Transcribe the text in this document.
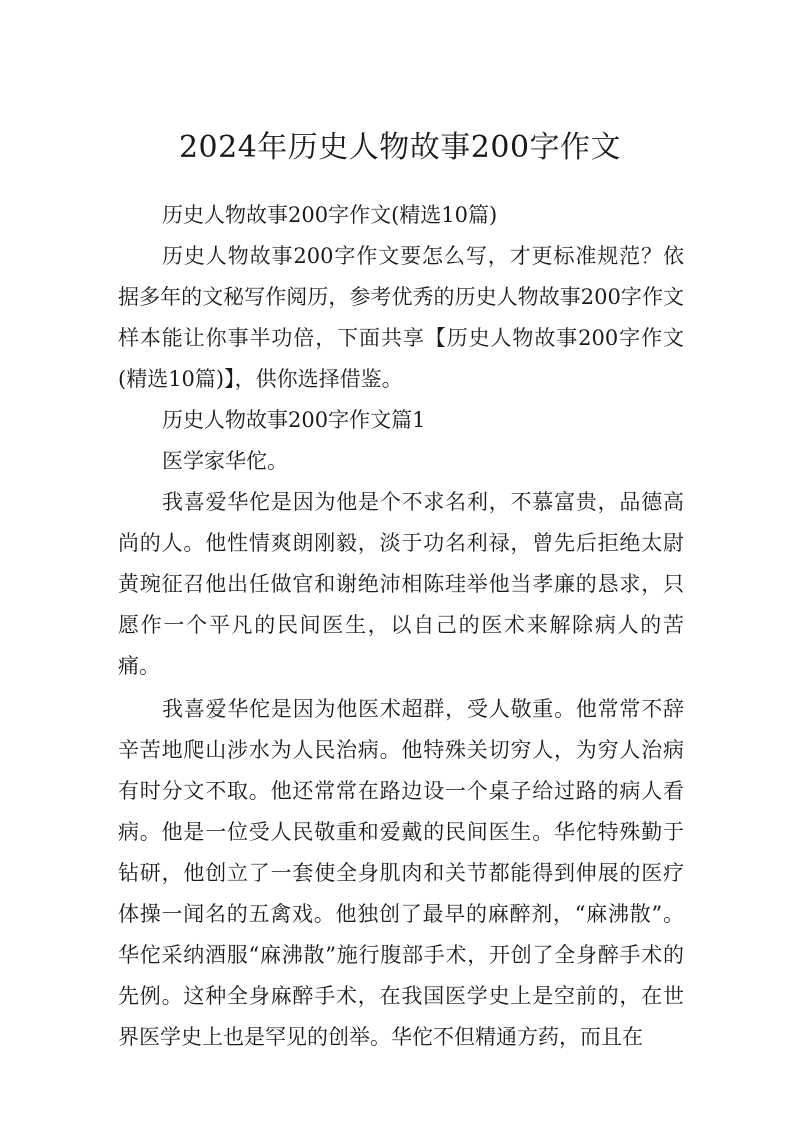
2024年历史人物故事200字作文

历史人物故事200字作文(精选10篇)

历史人物故事200字作文要怎么写，才更标准规范？依据多年的文秘写作阅历，参考优秀的历史人物故事200字作文样本能让你事半功倍，下面共享【历史人物故事200字作文(精选10篇)】，供你选择借鉴。

历史人物故事200字作文篇1

医学家华佗。

我喜爱华佗是因为他是个不求名利，不慕富贵，品德高尚的人。他性情爽朗刚毅，淡于功名利禄，曾先后拒绝太尉黄琬征召他出任做官和谢绝沛相陈珪举他当孝廉的恳求，只愿作一个平凡的民间医生，以自己的医术来解除病人的苦痛。

我喜爱华佗是因为他医术超群，受人敬重。他常常不辞辛苦地爬山涉水为人民治病。他特殊关切穷人，为穷人治病有时分文不取。他还常常在路边设一个桌子给过路的病人看病。他是一位受人民敬重和爱戴的民间医生。华佗特殊勤于钻研，他创立了一套使全身肌肉和关节都能得到伸展的医疗体操一闻名的五禽戏。他独创了最早的麻醉剂，“麻沸散”。华佗采纳酒服“麻沸散”施行腹部手术，开创了全身醉手术的先例。这种全身麻醉手术，在我国医学史上是空前的，在世界医学史上也是罕见的创举。华佗不但精通方药，而且在
